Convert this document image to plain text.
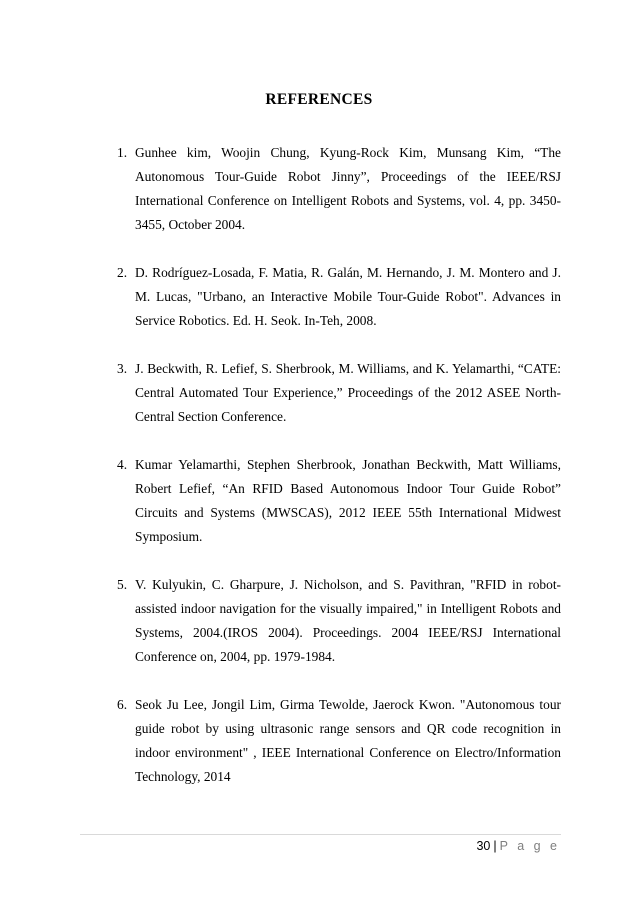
REFERENCES
1. Gunhee kim, Woojin Chung, Kyung-Rock Kim, Munsang Kim, “The Autonomous Tour-Guide Robot Jinny”, Proceedings of the IEEE/RSJ International Conference on Intelligent Robots and Systems, vol. 4, pp. 3450-3455, October 2004.
2. D. Rodríguez-Losada, F. Matia, R. Galán, M. Hernando, J. M. Montero and J. M. Lucas, "Urbano, an Interactive Mobile Tour-Guide Robot". Advances in Service Robotics. Ed. H. Seok. In-Teh, 2008.
3. J. Beckwith, R. Lefief, S. Sherbrook, M. Williams, and K. Yelamarthi, “CATE: Central Automated Tour Experience,” Proceedings of the 2012 ASEE North-Central Section Conference.
4. Kumar Yelamarthi, Stephen Sherbrook, Jonathan Beckwith, Matt Williams, Robert Lefief, “An RFID Based Autonomous Indoor Tour Guide Robot” Circuits and Systems (MWSCAS), 2012 IEEE 55th International Midwest Symposium.
5. V. Kulyukin, C. Gharpure, J. Nicholson, and S. Pavithran, "RFID in robot-assisted indoor navigation for the visually impaired," in Intelligent Robots and Systems, 2004.(IROS 2004). Proceedings. 2004 IEEE/RSJ International Conference on, 2004, pp. 1979-1984.
6. Seok Ju Lee, Jongil Lim, Girma Tewolde, Jaerock Kwon. "Autonomous tour guide robot by using ultrasonic range sensors and QR code recognition in indoor environment" , IEEE International Conference on Electro/Information Technology, 2014
30 | P a g e
